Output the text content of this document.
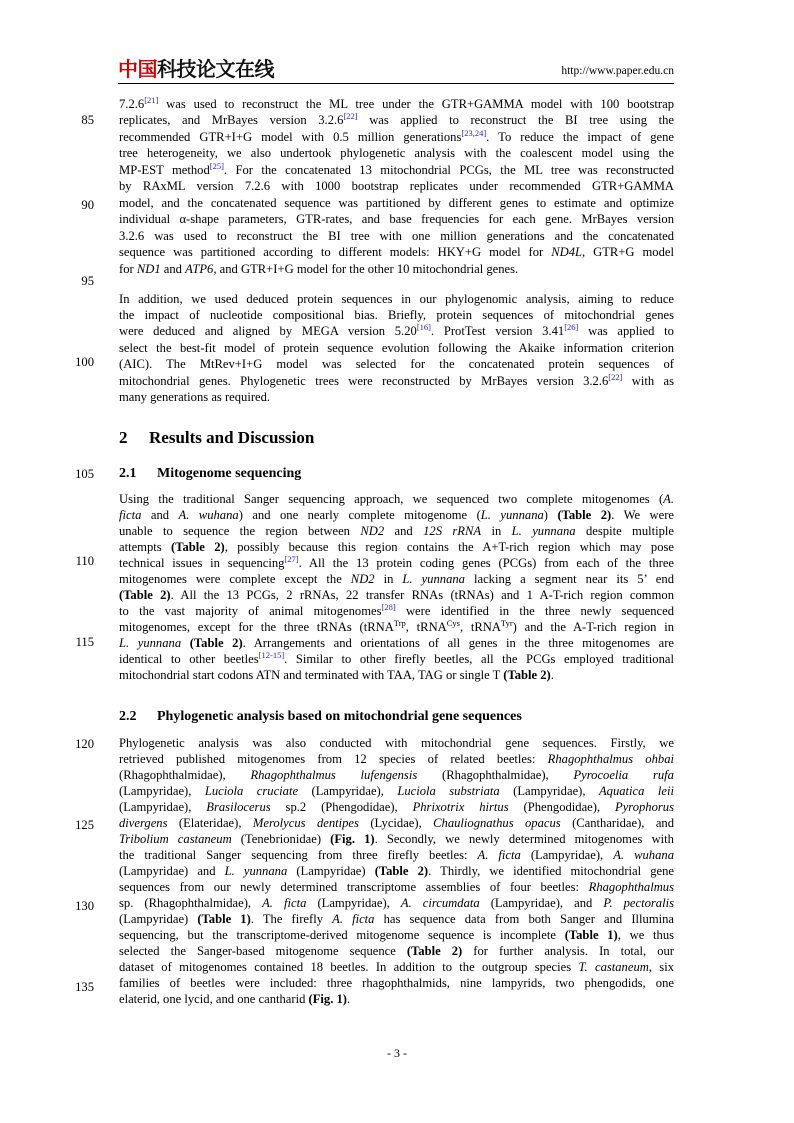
中国科技论文在线	http://www.paper.edu.cn
85
90
95
100
105
110
115
120
125
130
135
7.2.6[21] was used to reconstruct the ML tree under the GTR+GAMMA model with 100 bootstrap
replicates, and MrBayes version 3.2.6[22] was applied to reconstruct the BI tree using the
recommended GTR+I+G model with 0.5 million generations[23,24]. To reduce the impact of gene
tree heterogeneity, we also undertook phylogenetic analysis with the coalescent model using the
MP-EST method[25]. For the concatenated 13 mitochondrial PCGs, the ML tree was reconstructed
by RAxML version 7.2.6 with 1000 bootstrap replicates under recommended GTR+GAMMA
model, and the concatenated sequence was partitioned by different genes to estimate and optimize
individual α-shape parameters, GTR-rates, and base frequencies for each gene. MrBayes version
3.2.6 was used to reconstruct the BI tree with one million generations and the concatenated
sequence was partitioned according to different models: HKY+G model for ND4L, GTR+G model
for ND1 and ATP6, and GTR+I+G model for the other 10 mitochondrial genes.
In addition, we used deduced protein sequences in our phylogenomic analysis, aiming to reduce
the impact of nucleotide compositional bias. Briefly, protein sequences of mitochondrial genes
were deduced and aligned by MEGA version 5.20[16]. ProtTest version 3.41[26] was applied to
select the best-fit model of protein sequence evolution following the Akaike information criterion
(AIC). The MtRev+I+G model was selected for the concatenated protein sequences of
mitochondrial genes. Phylogenetic trees were reconstructed by MrBayes version 3.2.6[22] with as
many generations as required.
2 Results and Discussion
2.1 Mitogenome sequencing
Using the traditional Sanger sequencing approach, we sequenced two complete mitogenomes (A.
ficta and A. wuhana) and one nearly complete mitogenome (L. yunnana) (Table 2). We were
unable to sequence the region between ND2 and 12S rRNA in L. yunnana despite multiple
attempts (Table 2), possibly because this region contains the A+T-rich region which may pose
technical issues in sequencing[27]. All the 13 protein coding genes (PCGs) from each of the three
mitogenomes were complete except the ND2 in L. yunnana lacking a segment near its 5’ end
(Table 2). All the 13 PCGs, 2 rRNAs, 22 transfer RNAs (tRNAs) and 1 A-T-rich region common
to the vast majority of animal mitogenomes[28] were identified in the three newly sequenced
mitogenomes, except for the three tRNAs (tRNA$^{Trp}$, tRNA$^{Cys}$, tRNA$^{Tyr}$) and the A-T-rich region in
L. yunnana (Table 2). Arrangements and orientations of all genes in the three mitogenomes are
identical to other beetles[12-15]. Similar to other firefly beetles, all the PCGs employed traditional
mitochondrial start codons ATN and terminated with TAA, TAG or single T (Table 2).
2.2 Phylogenetic analysis based on mitochondrial gene sequences
Phylogenetic analysis was also conducted with mitochondrial gene sequences. Firstly, we
retrieved published mitogenomes from 12 species of related beetles: Rhagophthalmus ohbai
(Rhagophthalmidae), Rhagophthalmus lufengensis (Rhagophthalmidae), Pyrocoelia rufa
(Lampyridae), Luciola cruciate (Lampyridae), Luciola substriata (Lampyridae), Aquatica leii
(Lampyridae), Brasilocerus sp.2 (Phengodidae), Phrixotrix hirtus (Phengodidae), Pyrophorus
divergens (Elateridae), Merolycus dentipes (Lycidae), Chauliognathus opacus (Cantharidae), and
Tribolium castaneum (Tenebrionidae) (Fig. 1). Secondly, we newly determined mitogenomes with
the traditional Sanger sequencing from three firefly beetles: A. ficta (Lampyridae), A. wuhana
(Lampyridae) and L. yunnana (Lampyridae) (Table 2). Thirdly, we identified mitochondrial gene
sequences from our newly determined transcriptome assemblies of four beetles: Rhagophthalmus
sp. (Rhagophthalmidae), A. ficta (Lampyridae), A. circumdata (Lampyridae), and P. pectoralis
(Lampyridae) (Table 1). The firefly A. ficta has sequence data from both Sanger and Illumina
sequencing, but the transcriptome-derived mitogenome sequence is incomplete (Table 1), we thus
selected the Sanger-based mitogenome sequence (Table 2) for further analysis. In total, our
dataset of mitogenomes contained 18 beetles. In addition to the outgroup species T. castaneum, six
families of beetles were included: three rhagophthalmids, nine lampyrids, two phengodids, one
elaterid, one lycid, and one cantharid (Fig. 1).
- 3 -
